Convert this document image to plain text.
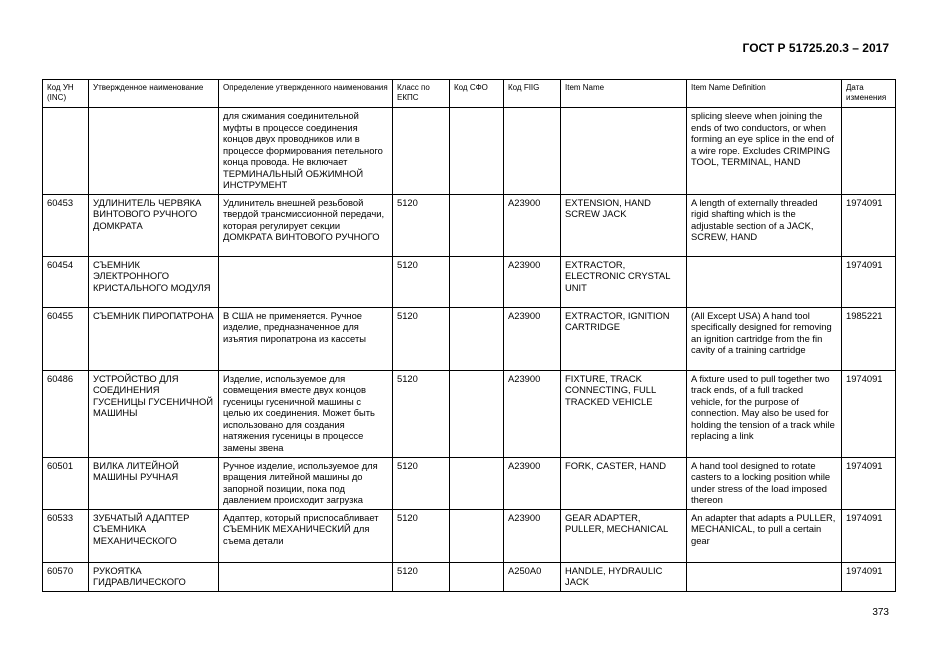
ГОСТ Р 51725.20.3 – 2017
Код УН (INC)	Утвержденное наименование	Определение утвержденного наименования	Класс по ЕКПС	Код СФО	Код FIIG	Item Name	Item Name Definition	Дата изменения
		для сжимания соединительной муфты в процессе соединения концов двух проводников или в процессе формирования петельного конца провода. Не включает ТЕРМИНАЛЬНЫЙ ОБЖИМНОЙ ИНСТРУМЕНТ					splicing sleeve when joining the ends of two conductors, or when forming an eye splice in the end of a wire rope. Excludes CRIMPING TOOL, TERMINAL, HAND	
60453	УДЛИНИТЕЛЬ ЧЕРВЯКА ВИНТОВОГО РУЧНОГО ДОМКРАТА	Удлинитель внешней резьбовой твердой трансмиссионной передачи, которая регулирует секции ДОМКРАТА ВИНТОВОГО РУЧНОГО	5120		A23900	EXTENSION, HAND SCREW JACK	A length of externally threaded rigid shafting which is the adjustable section of a JACK, SCREW, HAND	1974091
60454	СЪЕМНИК ЭЛЕКТРОННОГО КРИСТАЛЬНОГО МОДУЛЯ		5120		A23900	EXTRACTOR, ELECTRONIC CRYSTAL UNIT		1974091
60455	СЪЕМНИК ПИРОПАТРОНА	В США не применяется. Ручное изделие, предназначенное для изъятия пиропатрона из кассеты	5120		A23900	EXTRACTOR, IGNITION CARTRIDGE	(All Except USA) A hand tool specifically designed for removing an ignition cartridge from the fin cavity of a training cartridge	1985221
60486	УСТРОЙСТВО ДЛЯ СОЕДИНЕНИЯ ГУСЕНИЦЫ ГУСЕНИЧНОЙ МАШИНЫ	Изделие, используемое для совмещения вместе двух концов гусеницы гусеничной машины с целью их соединения. Может быть использовано для создания натяжения гусеницы в процессе замены звена	5120		A23900	FIXTURE, TRACK CONNECTING, FULL TRACKED VEHICLE	A fixture used to pull together two track ends, of a full tracked vehicle, for the purpose of connection. May also be used for holding the tension of a track while replacing a link	1974091
60501	ВИЛКА ЛИТЕЙНОЙ МАШИНЫ РУЧНАЯ	Ручное изделие, используемое для вращения литейной машины до запорной позиции, пока под давлением происходит загрузка	5120		A23900	FORK, CASTER, HAND	A hand tool designed to rotate casters to a locking position while under stress of the load imposed thereon	1974091
60533	ЗУБЧАТЫЙ АДАПТЕР СЪЕМНИКА МЕХАНИЧЕСКОГО	Адаптер, который приспосабливает СЪЕМНИК МЕХАНИЧЕСКИЙ для съема детали	5120		A23900	GEAR ADAPTER, PULLER, MECHANICAL	An adapter that adapts a PULLER, MECHANICAL, to pull a certain gear	1974091
60570	РУКОЯТКА ГИДРАВЛИЧЕСКОГО		5120		A250A0	HANDLE, HYDRAULIC JACK		1974091
373
